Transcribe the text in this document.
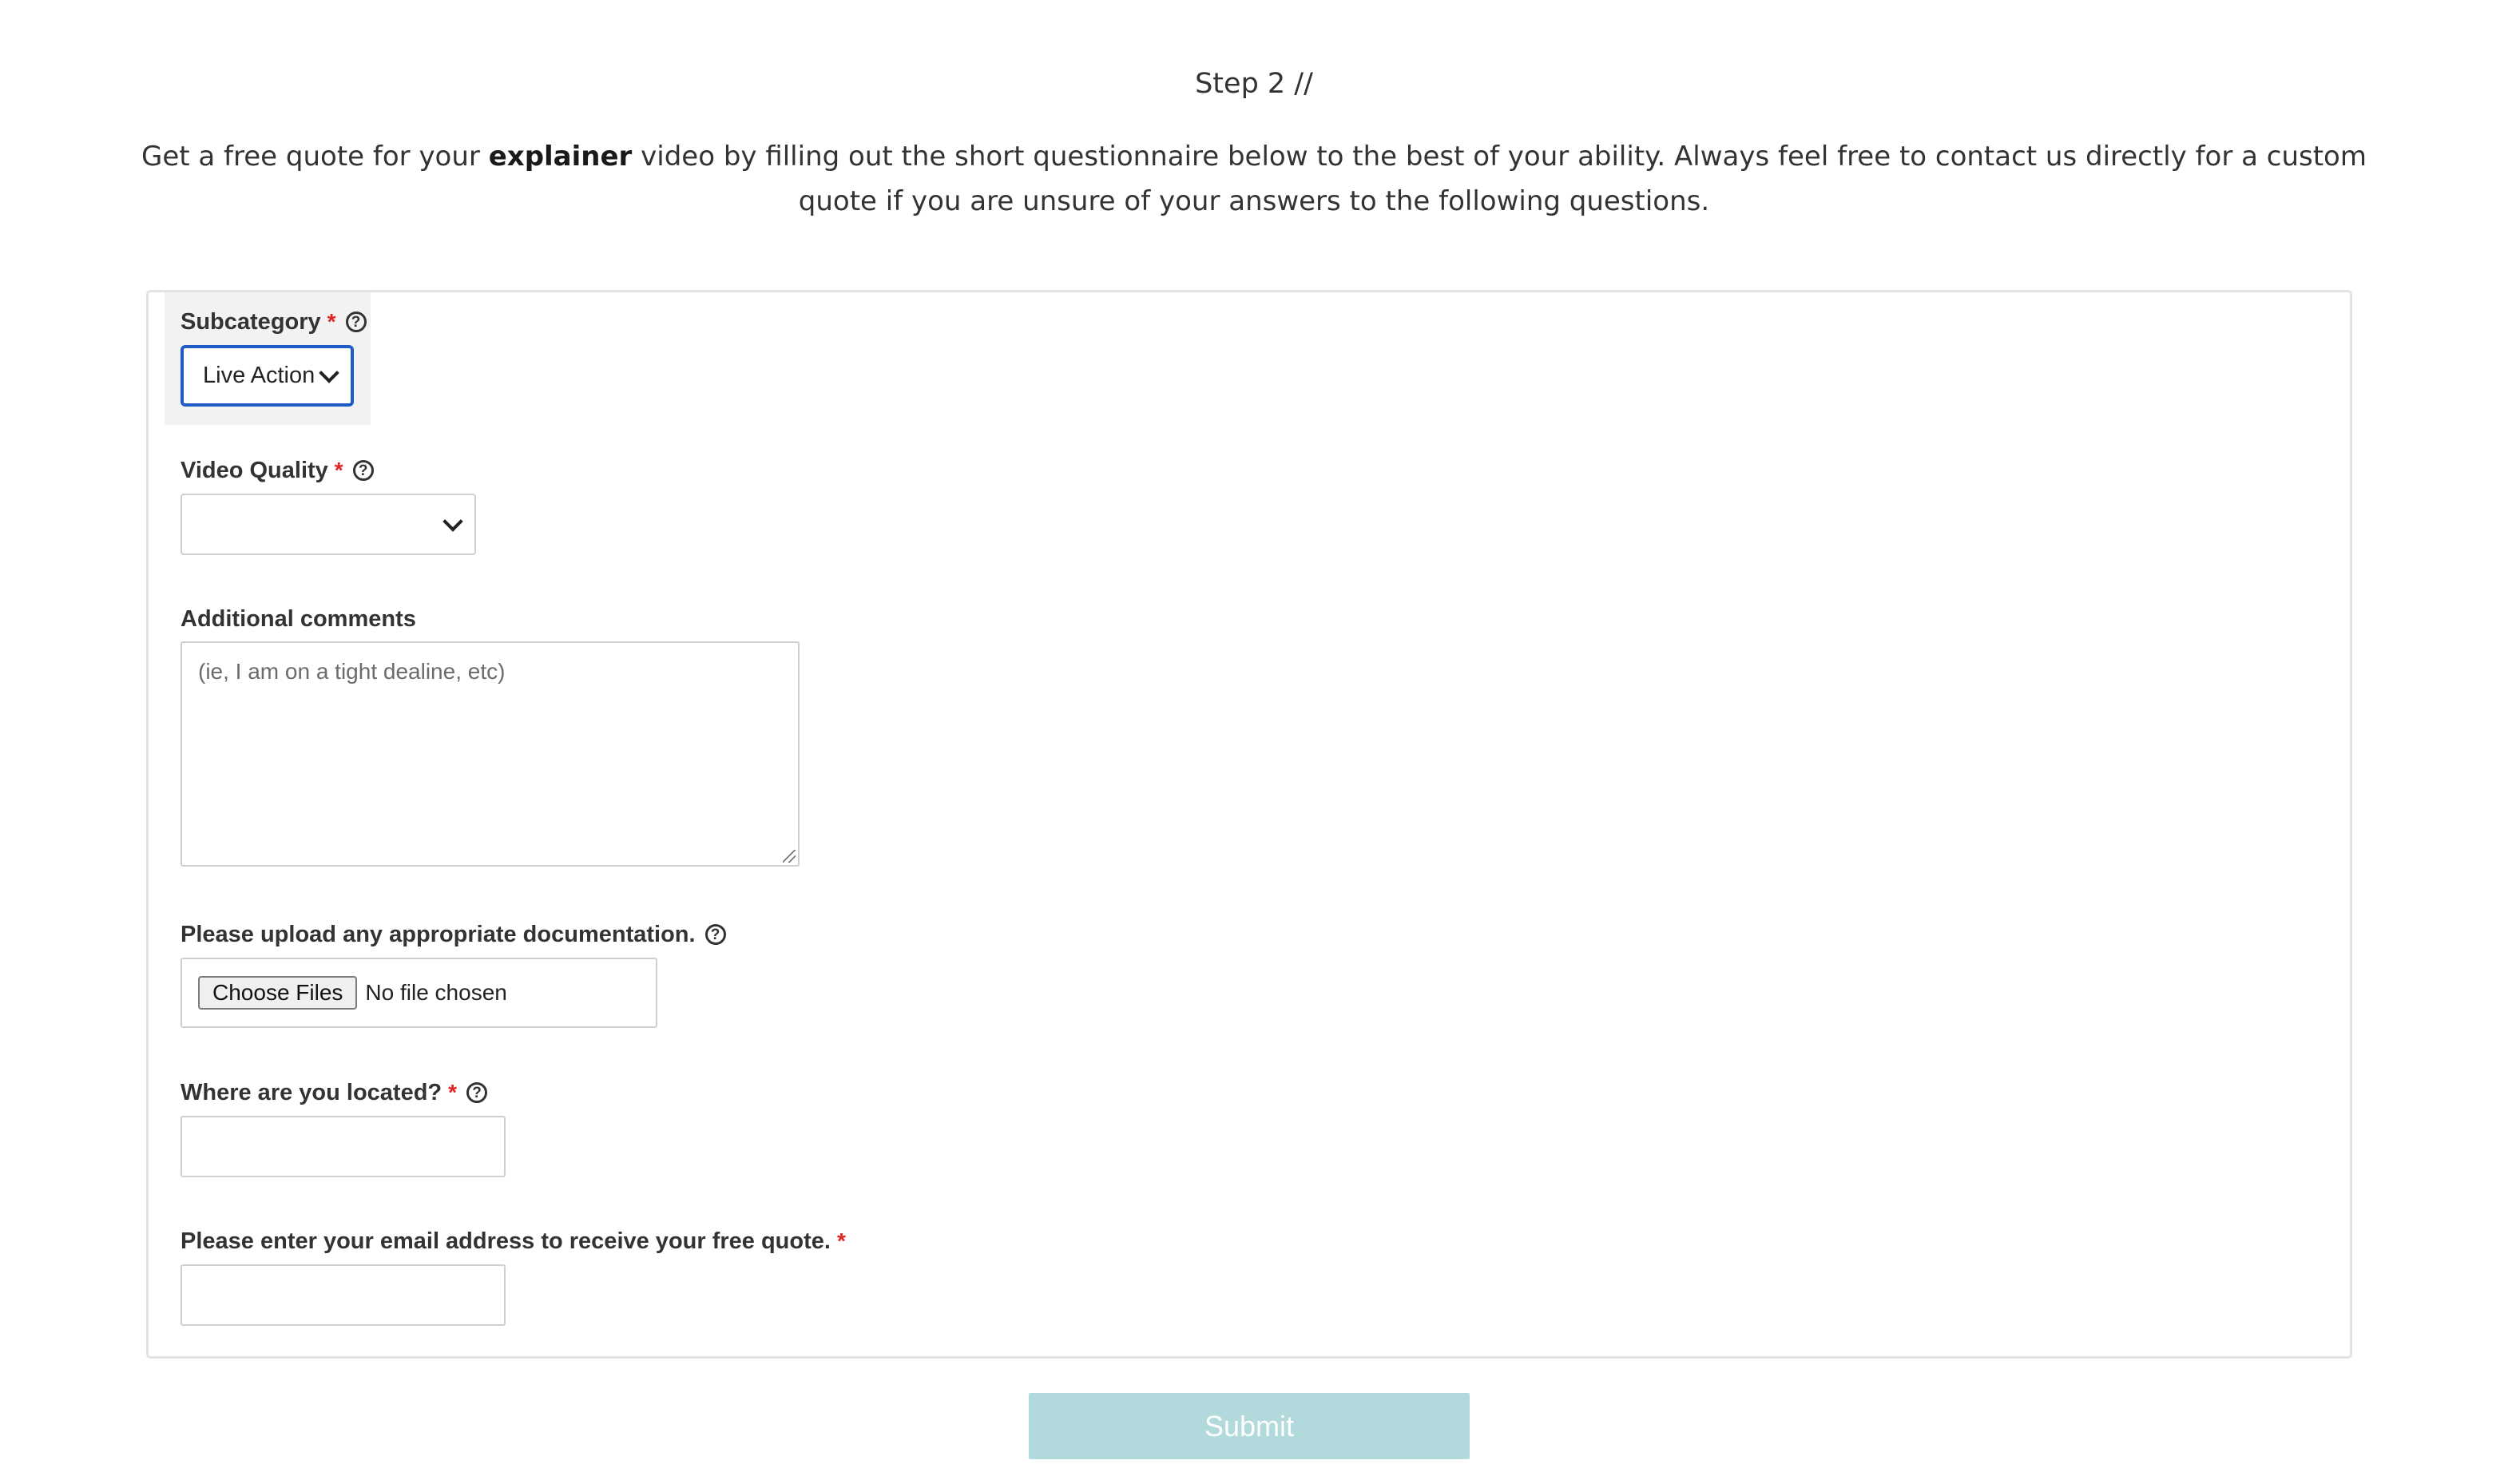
Step 2 //
Get a free quote for your explainer video by filling out the short questionnaire below to the best of your ability. Always feel free to contact us directly for a custom quote if you are unsure of your answers to the following questions.
Subcategory *	?
Live Action
Video Quality *	?
Additional comments
(ie, I am on a tight dealine, etc)
Please upload any appropriate documentation.	?
Choose Files	No file chosen
Where are you located? *	?
Please enter your email address to receive your free quote. *
Submit
